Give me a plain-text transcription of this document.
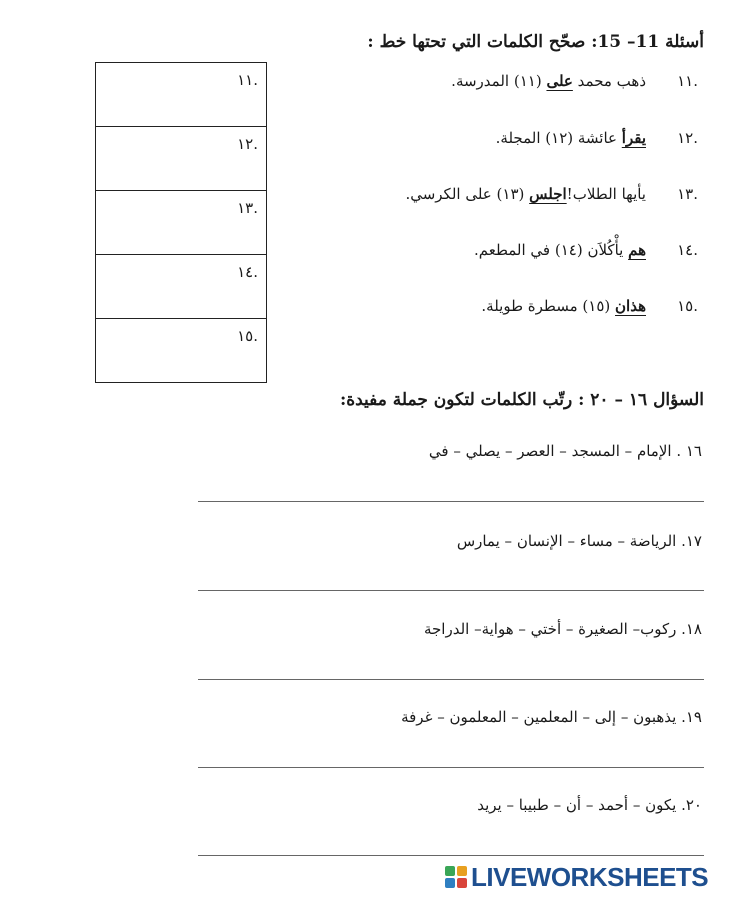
أسئلة 11– 15: صحّح الكلمات التي تحتها خط :
.١١
ذهب محمد على (١١) المدرسة.
.١٢
يقرأ عائشة (١٢) المجلة.
.١٣
يأيها الطلاب!اجلس (١٣) على الكرسي.
.١٤
هم يأْكُلاَن (١٤) في المطعم.
.١٥
هذان (١٥) مسطرة طويلة.
.١١

.١٢

.١٣

.١٤

.١٥
السؤال ١٦ – ٢٠ : رتّب الكلمات لتكون جملة مفيدة:
١٦ . الإمام – المسجد – العصر – يصلي – في
١٧. الرياضة – مساء – الإنسان – يمارس
١٨. ركوب– الصغيرة – أختي – هواية– الدراجة
١٩. يذهبون – إلى – المعلمين – المعلمون – غرفة
٢٠. يكون – أحمد – أن – طبيبا – يريد
LIVEWORKSHEETS
